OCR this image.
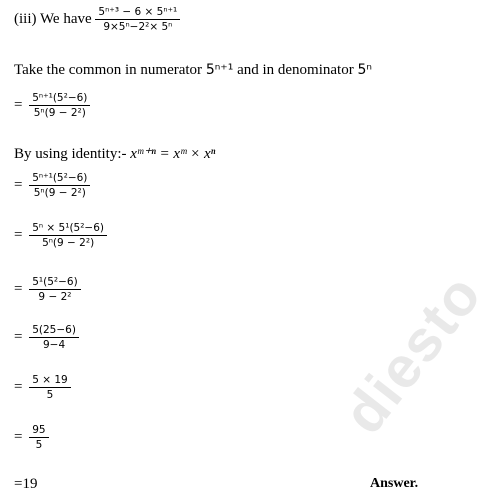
diesto
(iii) We have $\frac{\text{5ⁿ⁺³ − 6 × 5ⁿ⁺¹}}{\text{9×5ⁿ−2²× 5ⁿ}}$
Take the common in numerator 5ⁿ⁺¹ and in denominator 5ⁿ
= $\frac{\text{5ⁿ⁺¹(5²−6)}}{\text{5ⁿ(9 − 2²)}}$
By using identity:- xᵐ⁺ⁿ = xᵐ × xⁿ
= $\frac{\text{5ⁿ⁺¹(5²−6)}}{\text{5ⁿ(9 − 2²)}}$
= $\frac{\text{5ⁿ × 5¹(5²−6)}}{\text{5ⁿ(9 − 2²)}}$
= $\frac{\text{5¹(5²−6)}}{\text{9 − 2²}}$
= $\frac{5(25-6)}{9-4}$
= $\frac{5 \times 19}{5}$
= $\frac{95}{5}$
=19	Answer.
